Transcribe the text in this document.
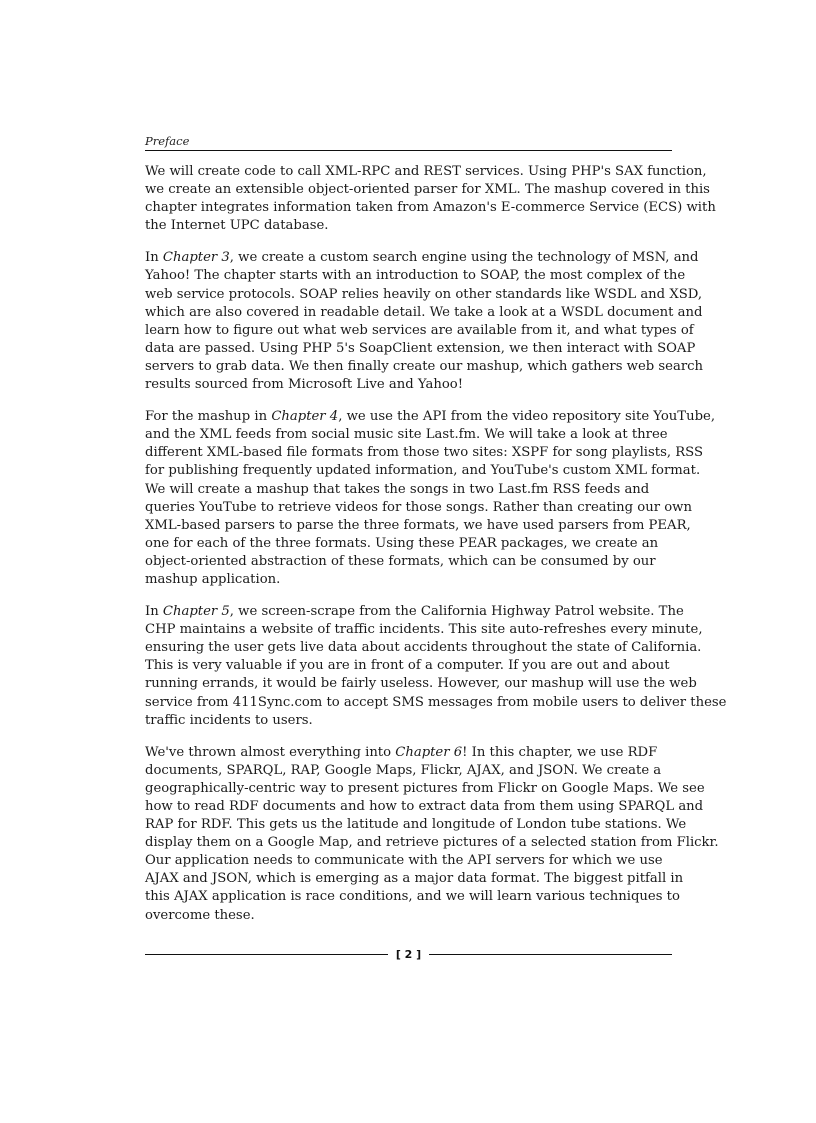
Preface

We will create code to call XML-RPC and REST services. Using PHP's SAX function,
we create an extensible object-oriented parser for XML. The mashup covered in this
chapter integrates information taken from Amazon's E-commerce Service (ECS) with
the Internet UPC database.

In Chapter 3, we create a custom search engine using the technology of MSN, and
Yahoo! The chapter starts with an introduction to SOAP, the most complex of the
web service protocols. SOAP relies heavily on other standards like WSDL and XSD,
which are also covered in readable detail. We take a look at a WSDL document and
learn how to figure out what web services are available from it, and what types of
data are passed. Using PHP 5's SoapClient extension, we then interact with SOAP
servers to grab data. We then finally create our mashup, which gathers web search
results sourced from Microsoft Live and Yahoo!

For the mashup in Chapter 4, we use the API from the video repository site YouTube,
and the XML feeds from social music site Last.fm. We will take a look at three
different XML-based file formats from those two sites: XSPF for song playlists, RSS
for publishing frequently updated information, and YouTube's custom XML format.
We will create a mashup that takes the songs in two Last.fm RSS feeds and
queries YouTube to retrieve videos for those songs. Rather than creating our own
XML-based parsers to parse the three formats, we have used parsers from PEAR,
one for each of the three formats. Using these PEAR packages, we create an
object-oriented abstraction of these formats, which can be consumed by our
mashup application.

In Chapter 5, we screen-scrape from the California Highway Patrol website. The
CHP maintains a website of traffic incidents. This site auto-refreshes every minute,
ensuring the user gets live data about accidents throughout the state of California.
This is very valuable if you are in front of a computer. If you are out and about
running errands, it would be fairly useless. However, our mashup will use the web
service from 411Sync.com to accept SMS messages from mobile users to deliver these
traffic incidents to users.

We've thrown almost everything into Chapter 6! In this chapter, we use RDF
documents, SPARQL, RAP, Google Maps, Flickr, AJAX, and JSON. We create a
geographically-centric way to present pictures from Flickr on Google Maps. We see
how to read RDF documents and how to extract data from them using SPARQL and
RAP for RDF. This gets us the latitude and longitude of London tube stations. We
display them on a Google Map, and retrieve pictures of a selected station from Flickr.
Our application needs to communicate with the API servers for which we use
AJAX and JSON, which is emerging as a major data format. The biggest pitfall in
this AJAX application is race conditions, and we will learn various techniques to
overcome these.

[ 2 ]
